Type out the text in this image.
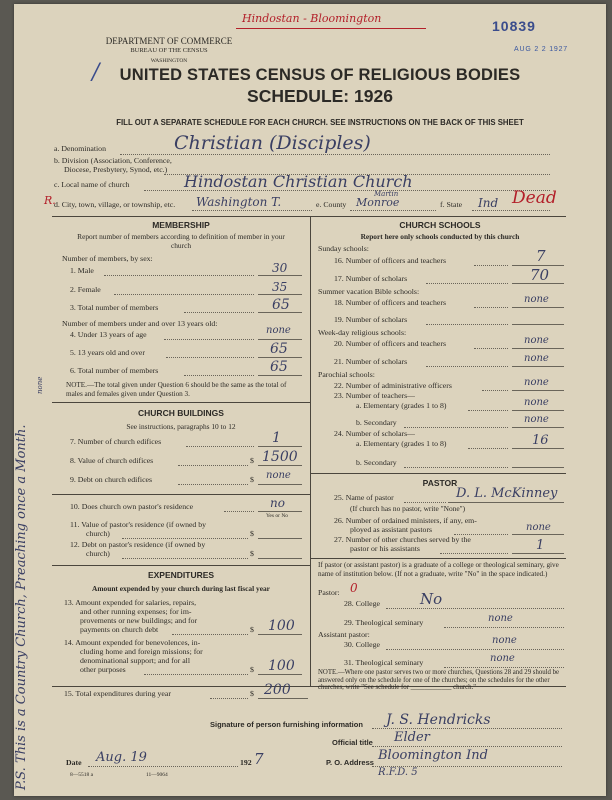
DEPARTMENT OF COMMERCE
BUREAU OF THE CENSUS
WASHINGTON
Hindostan - Bloomington	10839
AUG 2 2 1927
/	UNITED STATES CENSUS OF RELIGIOUS BODIES
SCHEDULE: 1926
FILL OUT A SEPARATE SCHEDULE FOR EACH CHURCH. SEE INSTRUCTIONS ON THE BACK OF THIS SHEET
P.S. This is a Country Church, Preaching once a Month.
none
a. Denomination	Christian (Disciples)
b. Division (Association, Conference,
Diocese, Presbytery, Synod, etc.)
c. Local name of church	Hindostan Christian Church
R.
d. City, town, village, or township, etc. Washington T.	e. County Monroe
Martin
f. State Ind Dead
MEMBERSHIP
Report number of members according to definition of member in your church
Number of members, by sex:
1. Male	30
2. Female	35
3. Total number of members	65
Number of members under and over 13 years old:
4. Under 13 years of age	none
5. 13 years old and over	65
6. Total number of members	65
NOTE.—The total given under Question 6 should be the same as the total of males and females given under Question 3.
CHURCH BUILDINGS
See instructions, paragraphs 10 to 12
7. Number of church edifices	1
8. Value of church edifices	$ 1500
9. Debt on church edifices	$ none
10. Does church own pastor's residence	no
Yes or No
11. Value of pastor's residence (if owned by
church)	$
12. Debt on pastor's residence (if owned by
church)	$
EXPENDITURES
Amount expended by your church during last fiscal year
13. Amount expended for salaries, repairs,
and other running expenses; for im-
provements or new buildings; and for
payments on church debt	$ 100
14. Amount expended for benevolences, in-
cluding home and foreign missions; for
denominational support; and for all
other purposes	$ 100
15. Total expenditures during year	$ 200
CHURCH SCHOOLS
Report here only schools conducted by this church
Sunday schools:
16. Number of officers and teachers	7
17. Number of scholars	70
Summer vacation Bible schools:
18. Number of officers and teachers	none
19. Number of scholars
Week-day religious schools:
20. Number of officers and teachers	none
21. Number of scholars	none
Parochial schools:
22. Number of administrative officers	none
23. Number of teachers—
a. Elementary (grades 1 to 8)	none
b. Secondary	none
24. Number of scholars—
a. Elementary (grades 1 to 8)	16
b. Secondary
PASTOR
25. Name of pastor	D. L. McKinney
(If church has no pastor, write "None")
26. Number of ordained ministers, if any, em-
ployed as assistant pastors	none
27. Number of other churches served by the
pastor or his assistants	1
If pastor (or assistant pastor) is a graduate of a college or theological seminary, give name of institution below. (If not a graduate, write "No" in the space indicated.)
Pastor: 0
28. College	No
29. Theological seminary	none
Assistant pastor:
30. College	none
31. Theological seminary	none
NOTE.—Where one pastor serves two or more churches, Questions 28 and 29 should be answered only on the schedule for one of the churches; on the schedules for the other churches, write "See schedule for ____________ church."
Signature of person furnishing information J. S. Hendricks
Official title Elder
Date Aug. 19	192 7	P. O. Address Bloomington Ind
R.F.D. 5
8—5518 a	11—9064
